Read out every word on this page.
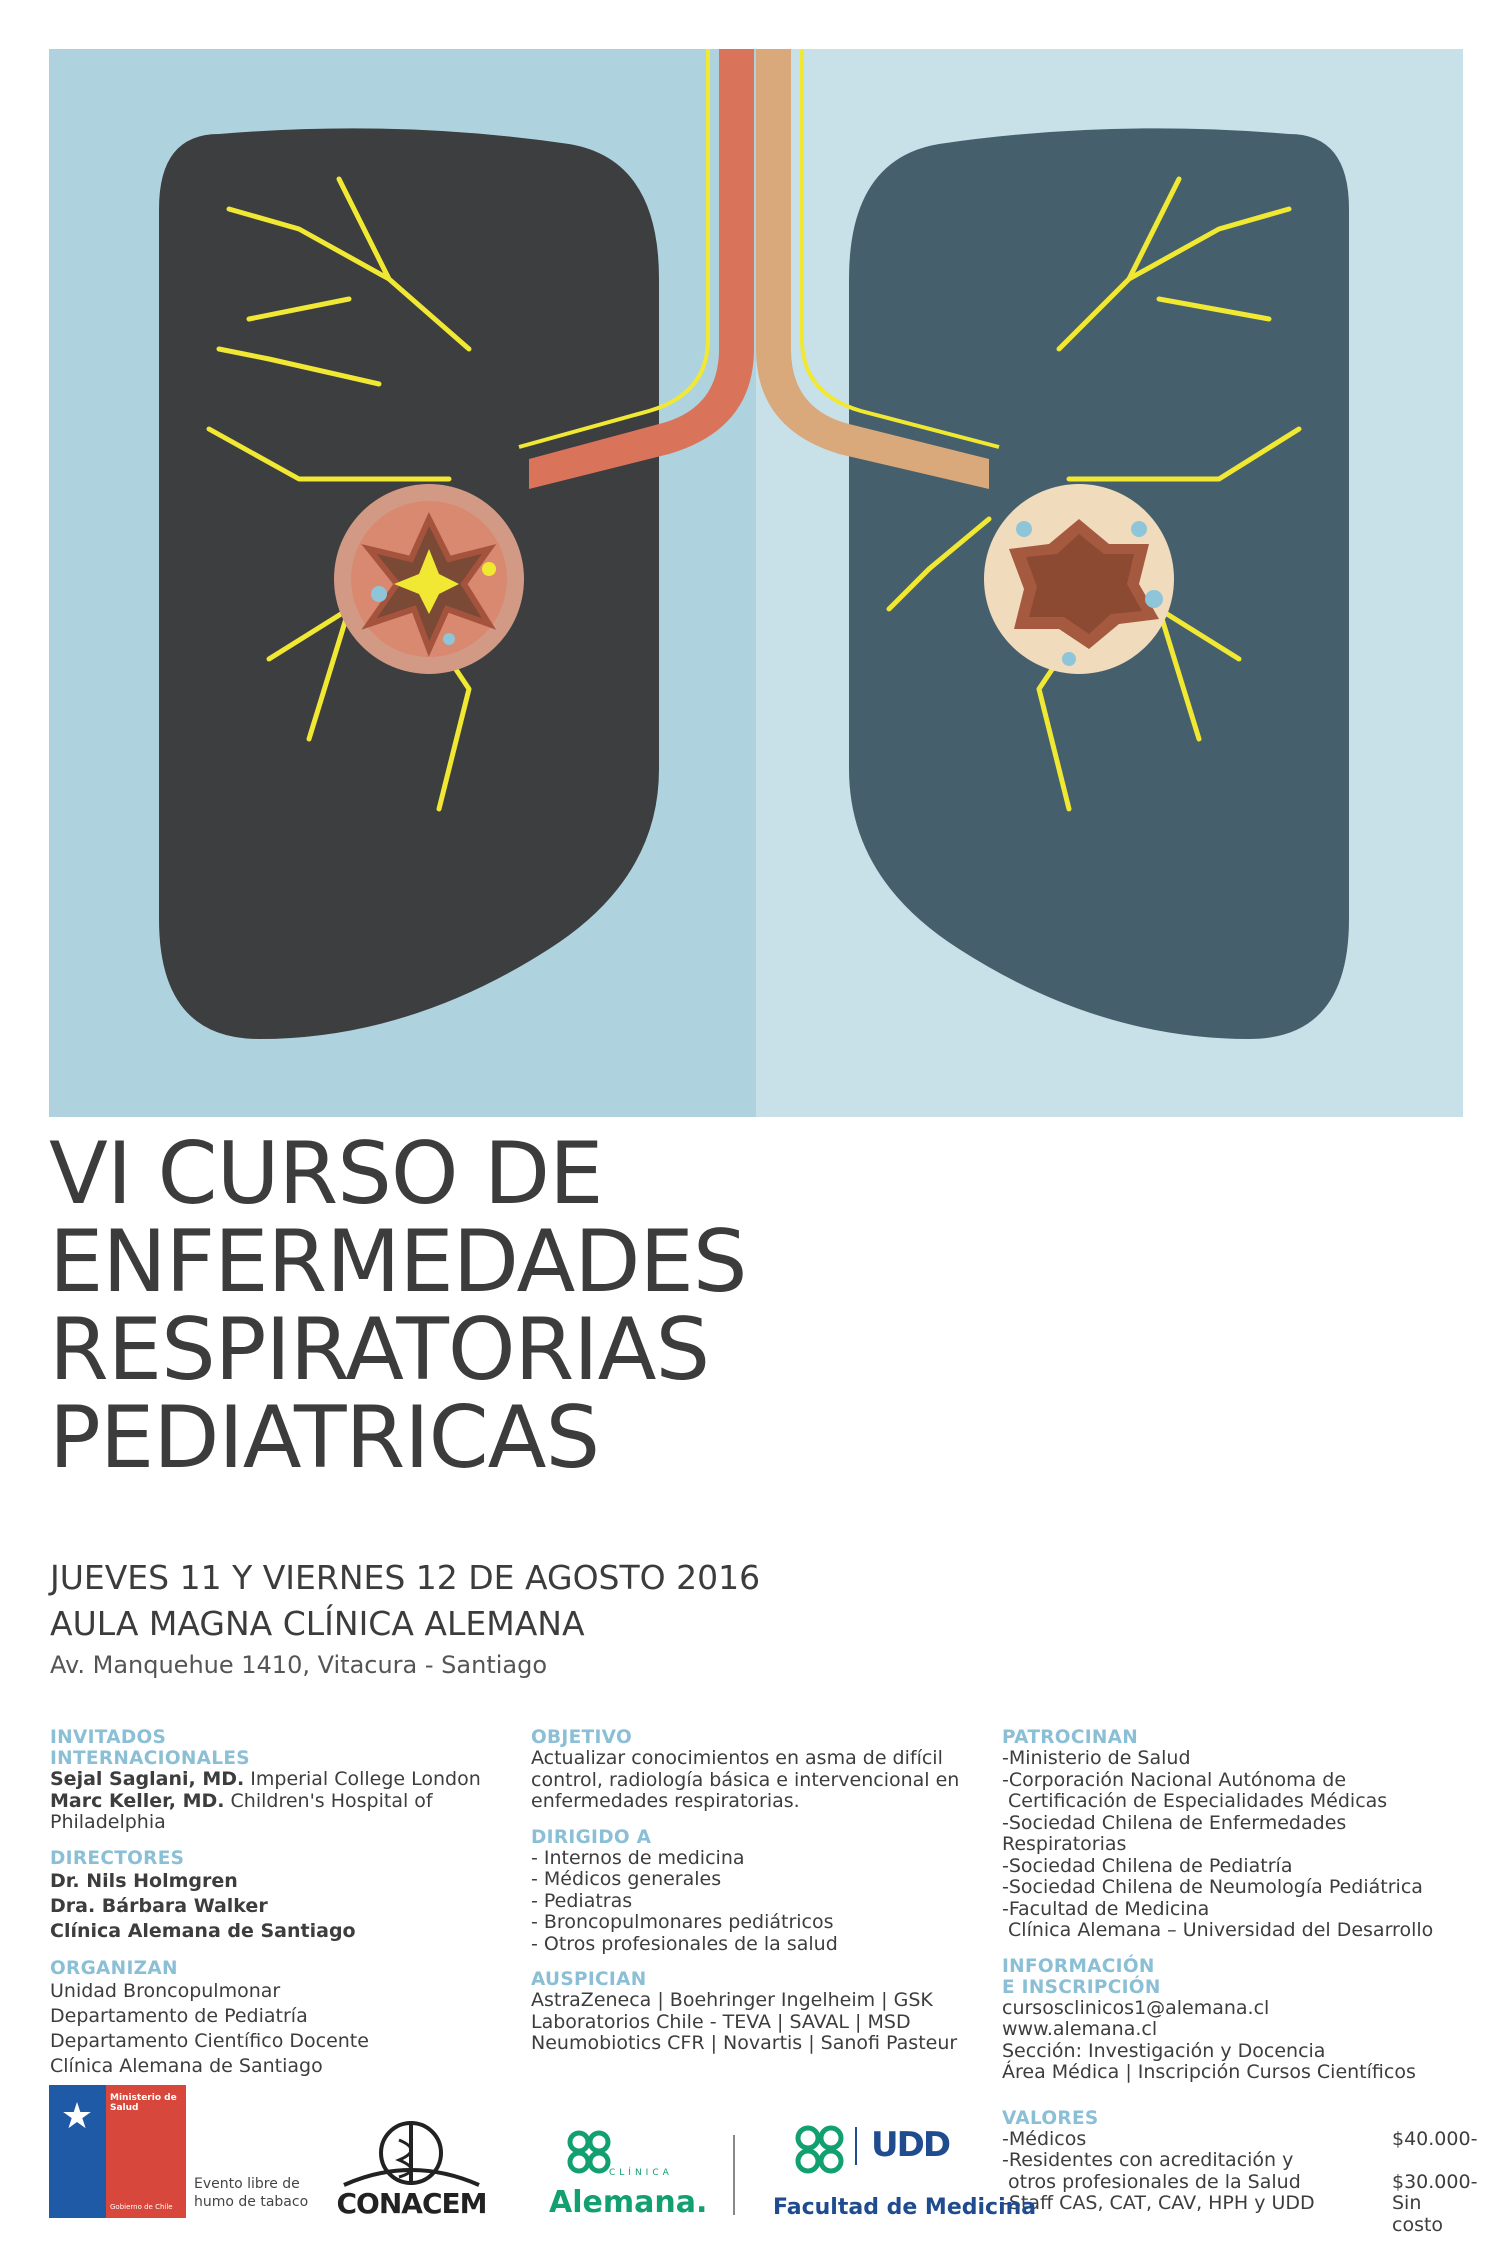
VI CURSO DE
ENFERMEDADES
RESPIRATORIAS
PEDIATRICAS
JUEVES 11 Y VIERNES 12 DE AGOSTO 2016
AULA MAGNA CLÍNICA ALEMANA
Av. Manquehue 1410, Vitacura - Santiago
INVITADOS
INTERNACIONALES
Sejal Saglani, MD. Imperial College London
Marc Keller, MD. Children's Hospital of Philadelphia
DIRECTORES
Dr. Nils Holmgren
Dra. Bárbara Walker
Clínica Alemana de Santiago
ORGANIZAN
Unidad Broncopulmonar
Departamento de Pediatría
Departamento Científico Docente
Clínica Alemana de Santiago
OBJETIVO
Actualizar conocimientos en asma de difícil
control, radiología básica e intervencional en
enfermedades respiratorias.
DIRIGIDO A
- Internos de medicina
- Médicos generales
- Pediatras
- Broncopulmonares pediátricos
- Otros profesionales de la salud
AUSPICIAN
AstraZeneca | Boehringer Ingelheim | GSK
Laboratorios Chile - TEVA | SAVAL | MSD
Neumobiotics CFR | Novartis | Sanofi Pasteur
PATROCINAN
-Ministerio de Salud
-Corporación Nacional Autónoma de
Certificación de Especialidades Médicas
-Sociedad Chilena de Enfermedades Respiratorias
-Sociedad Chilena de Pediatría
-Sociedad Chilena de Neumología Pediátrica
-Facultad de Medicina
Clínica Alemana – Universidad del Desarrollo
INFORMACIÓN
E INSCRIPCIÓN
cursosclinicos1@alemana.cl
www.alemana.cl
Sección: Investigación y Docencia
Área Médica | Inscripción Cursos Científicos
VALORES
-Médicos	$40.000-
-Residentes con acreditación y
otros profesionales de la Salud	$30.000-
-Staff CAS, CAT, CAV, HPH y UDD	Sin costo
★	Ministerio de
Salud
Gobierno de Chile
Evento libre de humo de tabaco	CONACEM
CLÍNICA
Alemana.
UDD
Facultad de Medicina
